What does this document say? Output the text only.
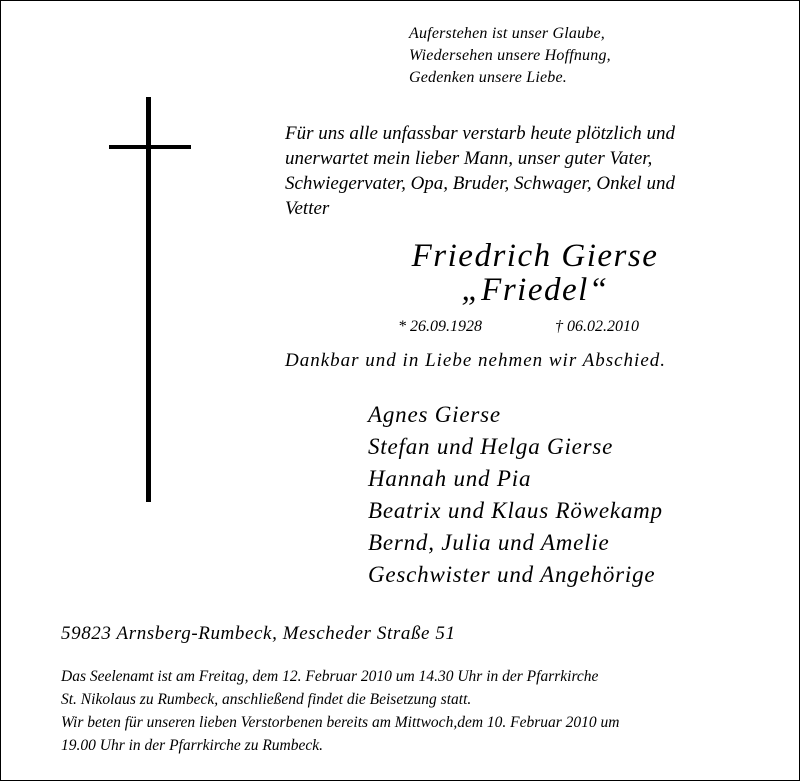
Auferstehen ist unser Glaube,
Wiedersehen unsere Hoffnung,
Gedenken unsere Liebe.
Für uns alle unfassbar verstarb heute plötzlich und
unerwartet mein lieber Mann, unser guter Vater,
Schwiegervater, Opa, Bruder, Schwager, Onkel und
Vetter
Friedrich Gierse
„Friedel“
* 26.09.1928	† 06.02.2010
Dankbar und in Liebe nehmen wir Abschied.
Agnes Gierse
Stefan und Helga Gierse
Hannah und Pia
Beatrix und Klaus Röwekamp
Bernd, Julia und Amelie
Geschwister und Angehörige
59823 Arnsberg-Rumbeck, Mescheder Straße 51
Das Seelenamt ist am Freitag, dem 12. Februar 2010 um 14.30 Uhr in der Pfarrkirche
St. Nikolaus zu Rumbeck, anschließend findet die Beisetzung statt.
Wir beten für unseren lieben Verstorbenen bereits am Mittwoch,dem 10. Februar 2010 um
19.00 Uhr in der Pfarrkirche zu Rumbeck.
